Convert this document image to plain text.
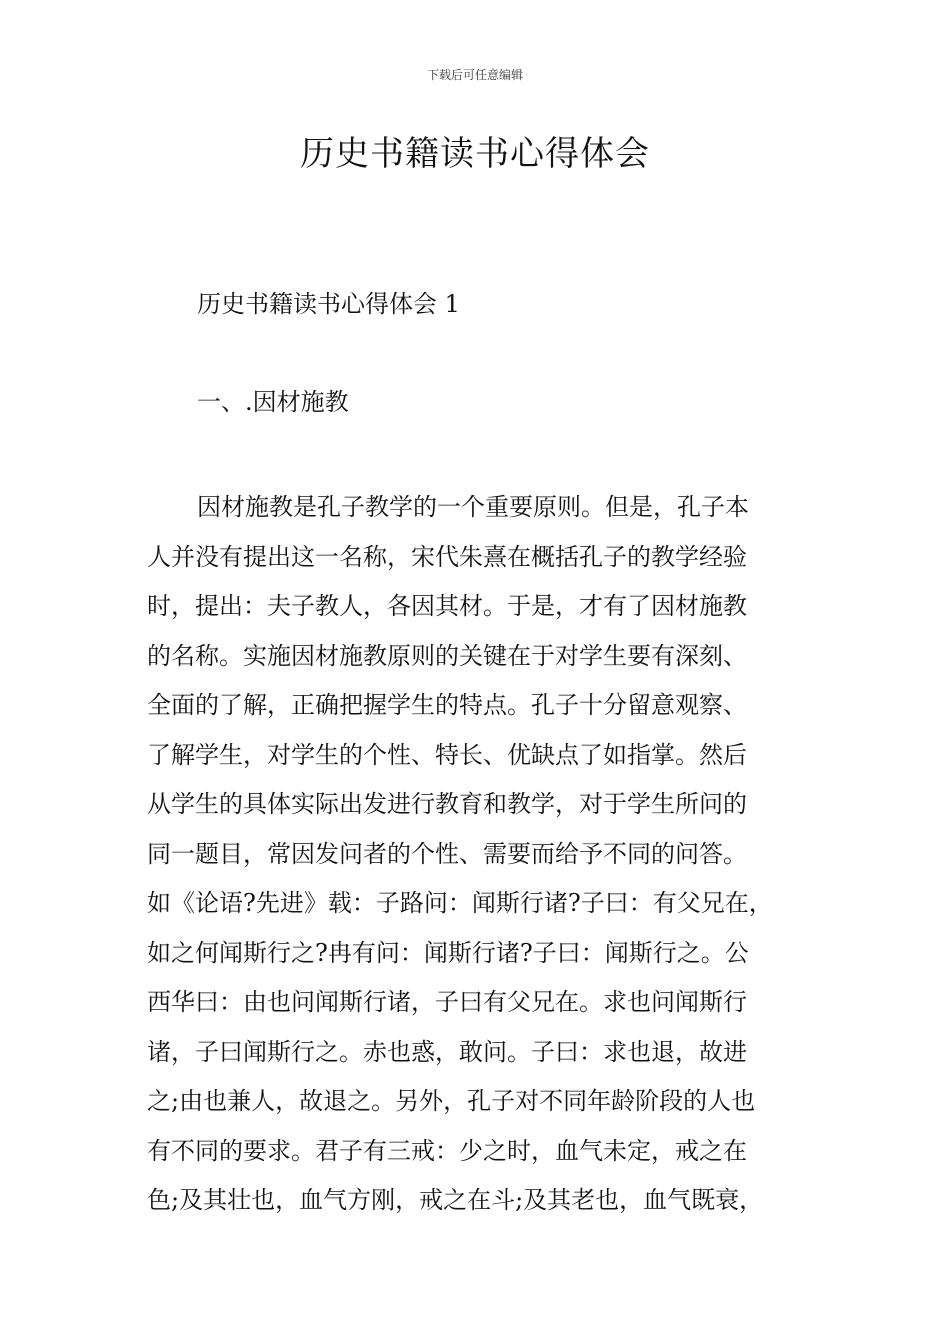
下载后可任意编辑
历史书籍读书心得体会
历史书籍读书心得体会 1
一、.因材施教
因材施教是孔子教学的一个重要原则。但是，孔子本
人并没有提出这一名称，宋代朱熹在概括孔子的教学经验
时，提出：夫子教人，各因其材。于是，才有了因材施教
的名称。实施因材施教原则的关键在于对学生要有深刻、
全面的了解，正确把握学生的特点。孔子十分留意观察、
了解学生，对学生的个性、特长、优缺点了如指掌。然后
从学生的具体实际出发进行教育和教学，对于学生所问的
同一题目，常因发问者的个性、需要而给予不同的问答。
如《论语?先进》载：子路问：闻斯行诸?子曰：有父兄在，
如之何闻斯行之?冉有问：闻斯行诸?子曰：闻斯行之。公
西华曰：由也问闻斯行诸，子曰有父兄在。求也问闻斯行
诸，子曰闻斯行之。赤也惑，敢问。子曰：求也退，故进
之;由也兼人，故退之。另外，孔子对不同年龄阶段的人也
有不同的要求。君子有三戒：少之时，血气未定，戒之在
色;及其壮也，血气方刚，戒之在斗;及其老也，血气既衰，
